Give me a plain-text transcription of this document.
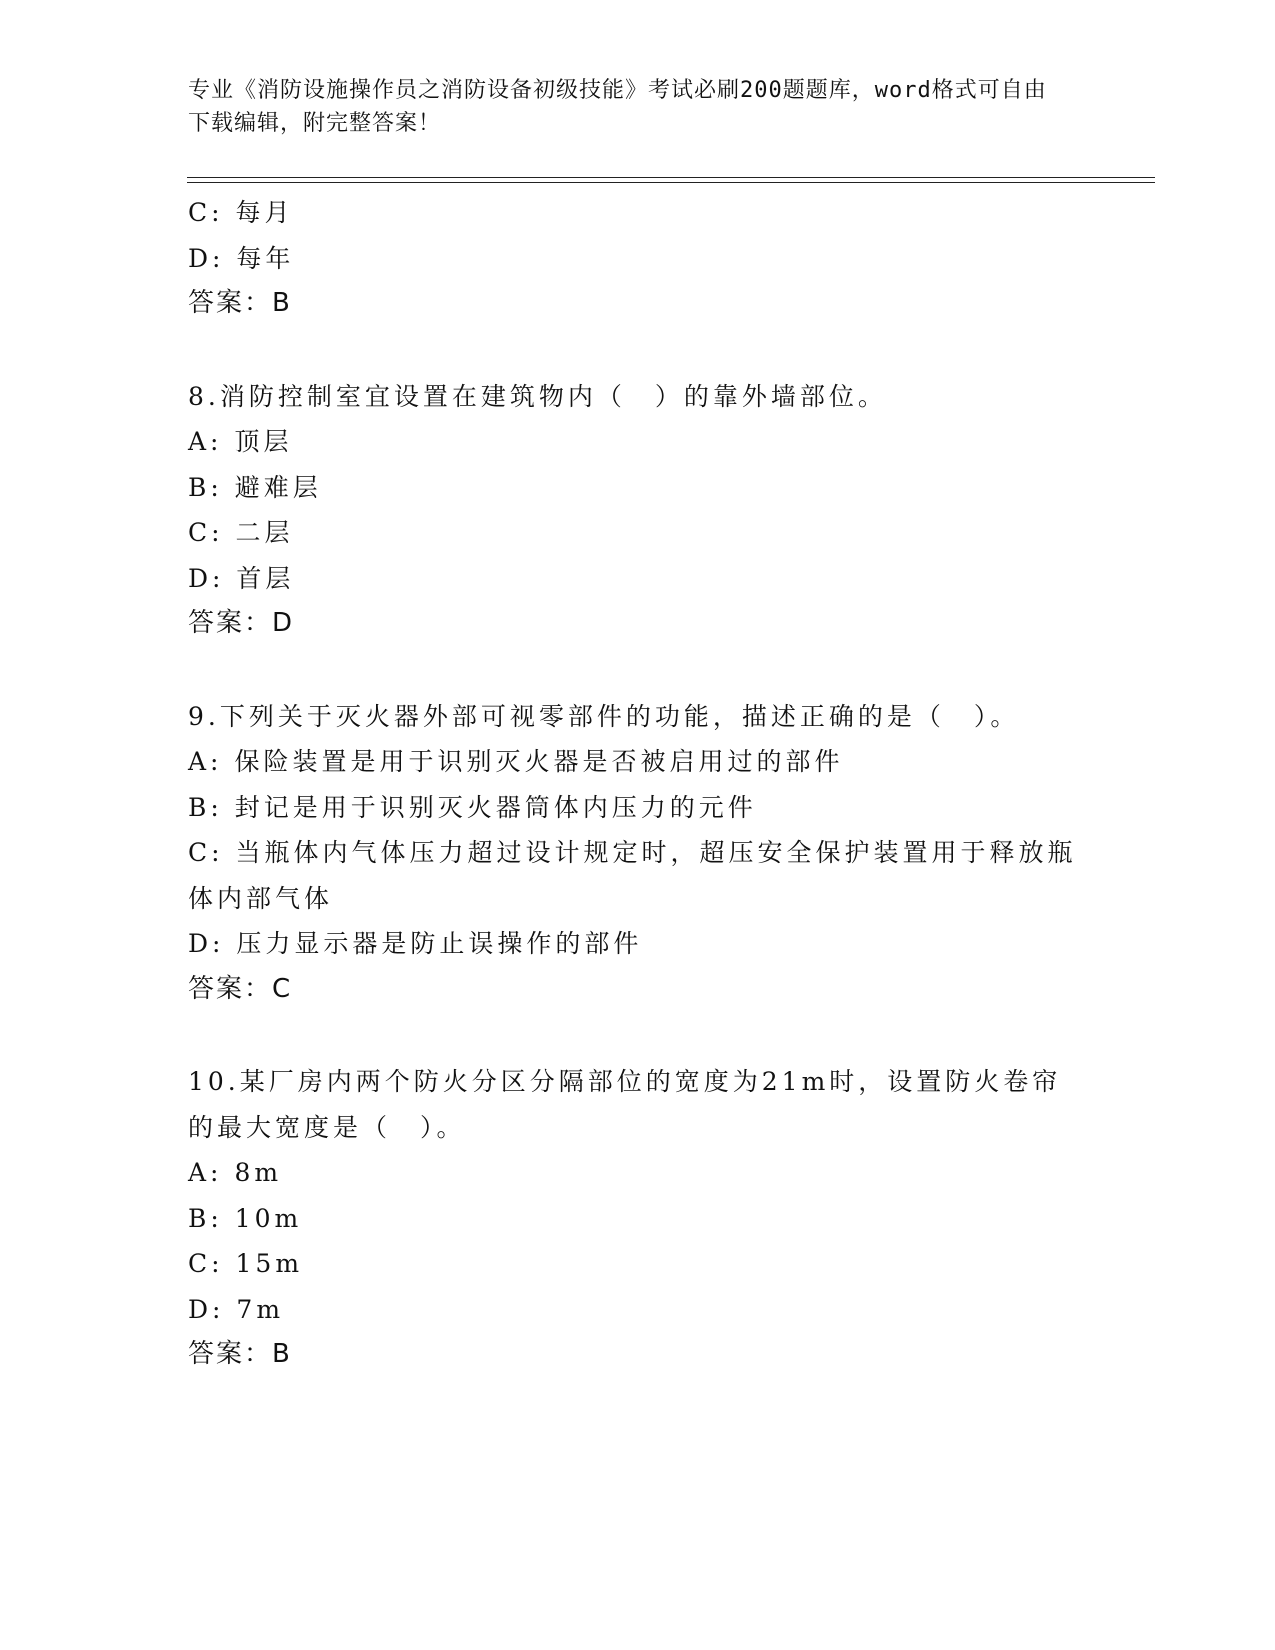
专业《消防设施操作员之消防设备初级技能》考试必刷200题题库，word格式可自由下载编辑，附完整答案！
C: 每月
D: 每年
答案：B
8.消防控制室宜设置在建筑物内（　）的靠外墙部位。
A: 顶层
B: 避难层
C: 二层
D: 首层
答案：D
9.下列关于灭火器外部可视零部件的功能，描述正确的是（　）。
A: 保险装置是用于识别灭火器是否被启用过的部件
B: 封记是用于识别灭火器筒体内压力的元件
C: 当瓶体内气体压力超过设计规定时，超压安全保护装置用于释放瓶体内部气体
D: 压力显示器是防止误操作的部件
答案：C
10.某厂房内两个防火分区分隔部位的宽度为21m时，设置防火卷帘的最大宽度是（　）。
A: 8m
B: 10m
C: 15m
D: 7m
答案：B
